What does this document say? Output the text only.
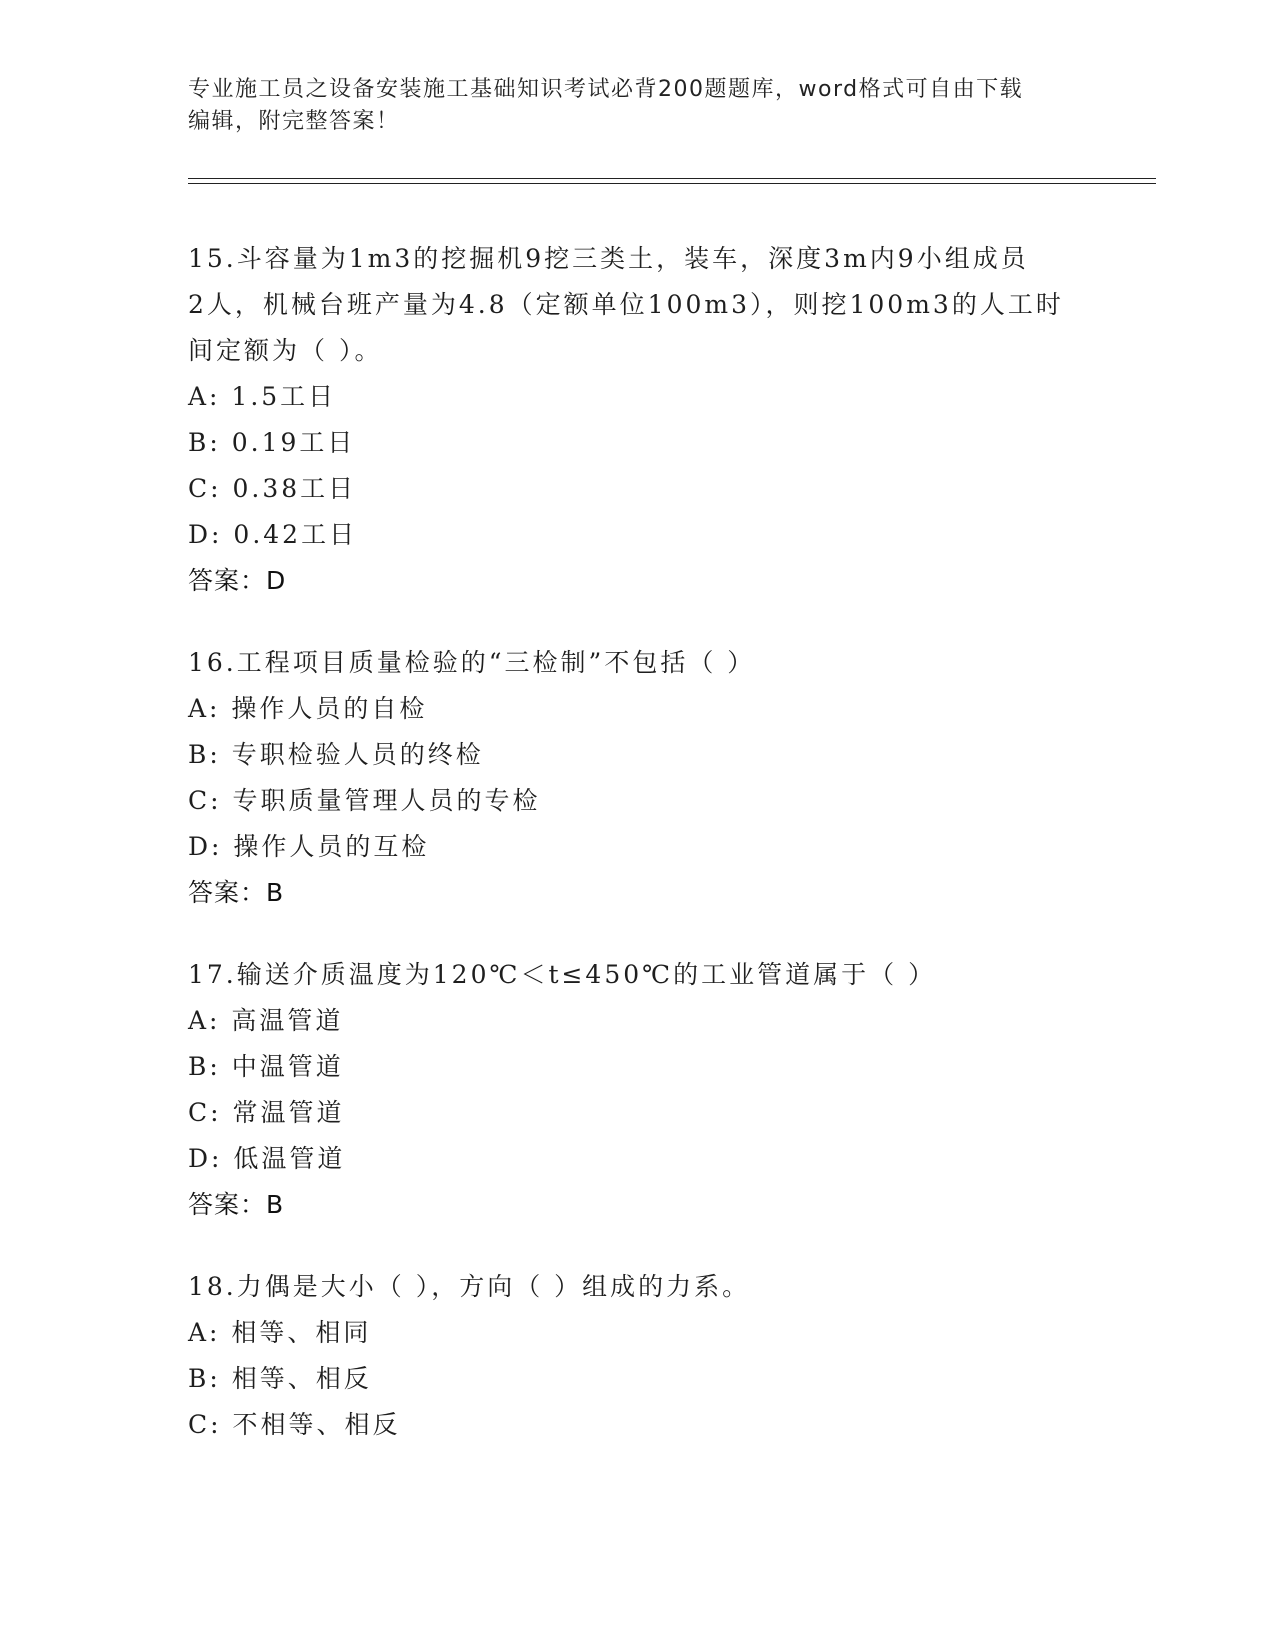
专业施工员之设备安装施工基础知识考试必背200题题库，word格式可自由下载
编辑，附完整答案！
15.斗容量为1m3的挖掘机9挖三类土，装车，深度3m内9小组成员
2人，机械台班产量为4.8（定额单位100m3），则挖100m3的人工时
间定额为（ ）。
A: 1.5工日
B: 0.19工日
C: 0.38工日
D: 0.42工日
答案：D
16.工程项目质量检验的“三检制”不包括（ ）
A: 操作人员的自检
B: 专职检验人员的终检
C: 专职质量管理人员的专检
D: 操作人员的互检
答案：B
17.输送介质温度为120℃＜t≤450℃的工业管道属于（ ）
A: 高温管道
B: 中温管道
C: 常温管道
D: 低温管道
答案：B
18.力偶是大小（ ），方向（ ）组成的力系。
A: 相等、相同
B: 相等、相反
C: 不相等、相反
